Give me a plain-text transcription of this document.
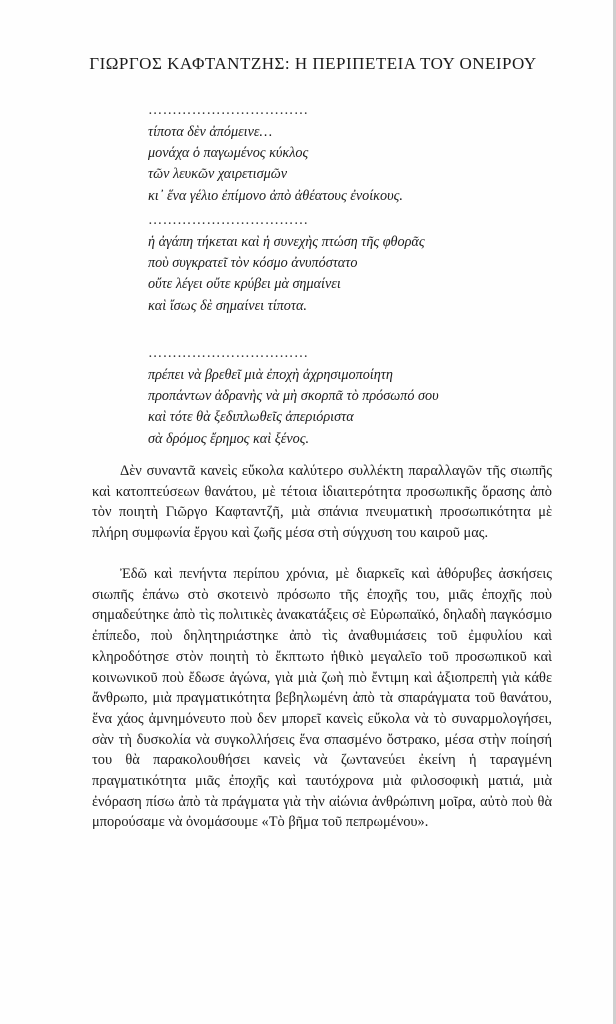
ΓΙΩΡΓΟΣ ΚΑΦΤΑΝΤΖΗΣ: Η ΠΕΡΙΠΕΤΕΙΑ ΤΟΥ ΟΝΕΙΡΟΥ
……………………………
τίποτα δὲν ἀπόμεινε…
μονάχα ὁ παγωμένος κύκλος
τῶν λευκῶν χαιρετισμῶν
κι᾽ ἕνα γέλιο ἐπίμονο ἀπὸ ἀθέατους ἐνοίκους.
……………………………
ἡ ἀγάπη τήκεται καὶ ἡ συνεχὴς πτώση τῆς φθορᾶς
ποὺ συγκρατεῖ τὸν κόσμο ἀνυπόστατο
οὔτε λέγει οὔτε κρύβει μὰ σημαίνει
καὶ ἴσως δὲ σημαίνει τίποτα.
……………………………
πρέπει νὰ βρεθεῖ μιὰ ἐποχὴ ἀχρησιμοποίητη
προπάντων ἀδρανὴς νὰ μὴ σκορπᾶ τὸ πρόσωπό σου
καὶ τότε θὰ ξεδιπλωθεῖς ἀπεριόριστα
σὰ δρόμος ἔρημος καὶ ξένος.

Δὲν συναντᾶ κανεὶς εὔκολα καλύτερο συλλέκτη παραλλαγῶν τῆς σιωπῆς καὶ κατοπτεύσεων θανάτου, μὲ τέτοια ἰδιαιτερότητα προσωπικῆς ὅρασης ἀπὸ τὸν ποιητὴ Γιῶργο Καφταντζῆ, μιὰ σπάνια πνευματικὴ προσωπικότητα μὲ πλήρη συμφωνία ἔργου καὶ ζωῆς μέσα στὴ σύγχυση του καιροῦ μας.

Ἐδῶ καὶ πενήντα περίπου χρόνια, μὲ διαρκεῖς καὶ ἀθόρυβες ἀσκήσεις σιωπῆς ἐπάνω στὸ σκοτεινὸ πρόσωπο τῆς ἐποχῆς του, μιᾶς ἐποχῆς ποὺ σημαδεύτηκε ἀπὸ τὶς πολιτικὲς ἀνακατάξεις σὲ Εὐρωπαϊκό, δηλαδὴ παγκόσμιο ἐπίπεδο, ποὺ δηλητηριάστηκε ἀπὸ τὶς ἀναθυμιάσεις τοῦ ἐμφυλίου καὶ κληροδότησε στὸν ποιητὴ τὸ ἔκπτωτο ἠθικὸ μεγαλεῖο τοῦ προσωπικοῦ καὶ κοινωνικοῦ ποὺ ἔδωσε ἀγώνα, γιὰ μιὰ ζωὴ πιὸ ἔντιμη καὶ ἀξιοπρεπὴ γιὰ κάθε ἄνθρωπο, μιὰ πραγματικότητα βεβηλωμένη ἀπὸ τὰ σπαράγματα τοῦ θανάτου, ἕνα χάος ἀμνημόνευτο ποὺ δεν μπορεῖ κανεὶς εὔκολα νὰ τὸ συναρμολογήσει, σὰν τὴ δυσκολία νὰ συγκολλήσεις ἕνα σπασμένο ὄστρακο, μέσα στὴν ποίησή του θὰ παρακολουθήσει κανεὶς νὰ ζωντανεύει ἐκείνη ἡ ταραγμένη πραγματικότητα μιᾶς ἐποχῆς καὶ ταυτόχρονα μιὰ φιλοσοφικὴ ματιά, μιὰ ἐνόραση πίσω ἀπὸ τὰ πράγματα γιὰ τὴν αἰώνια ἀνθρώπινη μοῖρα, αὐτὸ ποὺ θὰ μπορούσαμε νὰ ὀνομάσουμε «Τὸ βῆμα τοῦ πεπρωμένου».
